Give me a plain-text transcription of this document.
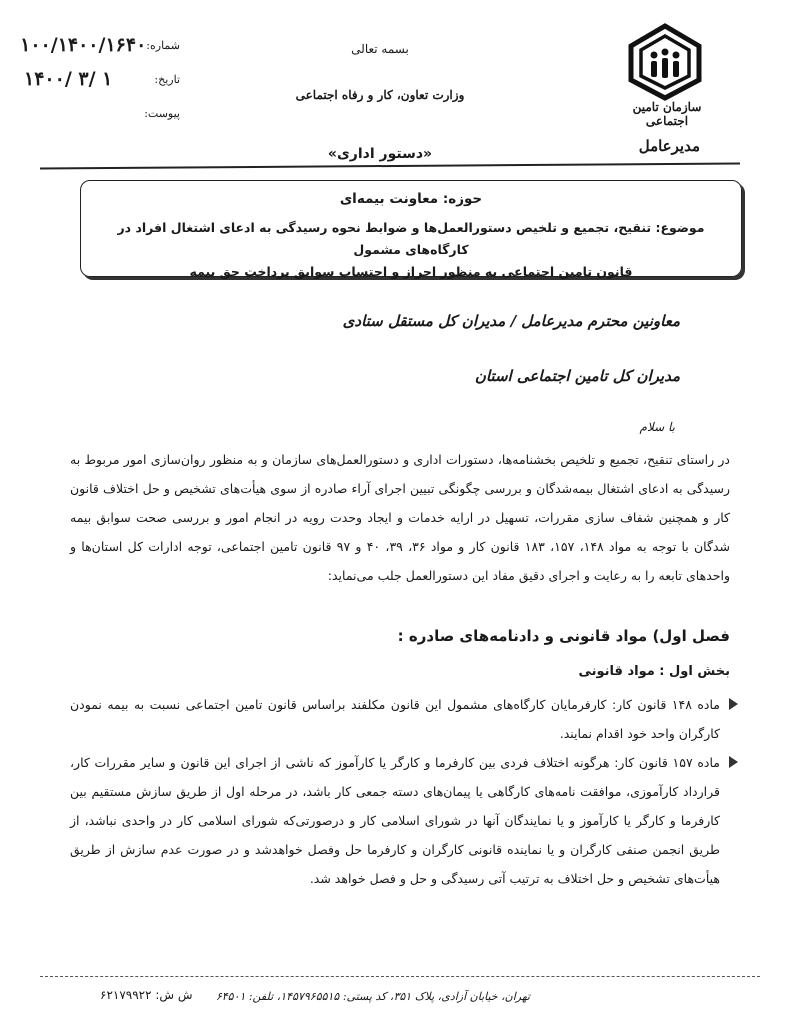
سازمان تامین اجتماعی
مدیرعامل
بسمه تعالی
وزارت تعاون، کار و رفاه اجتماعی
«دستور اداری»
شماره:
۱۰۰/۱۴۰۰/۱۶۴۰
تاریخ:
۱۴۰۰/ ۳/ ۱
پیوست:
حوزه: معاونت بیمه‌ای
موضوع: تنقیح، تجمیع و تلخیص دستورالعمل‌ها و ضوابط نحوه رسیدگی به ادعای اشتغال افراد در کارگاه‌های مشمول
قانون تامین اجتماعی به منظور احراز و احتساب سوابق پرداخت حق بیمه
معاونین محترم مدیرعامل / مدیران کل مستقل ستادی
مدیران کل تامین اجتماعی استان
با سلام
در راستای تنقیح، تجمیع و تلخیص بخشنامه‌ها، دستورات اداری و دستورالعمل‌های سازمان و به منظور روان‌سازی امور مربوط به رسیدگی به ادعای اشتغال بیمه‌شدگان و بررسی چگونگی تبیین اجرای آراء صادره از سوی هیأت‌های تشخیص و حل اختلاف قانون کار و همچنین شفاف سازی مقررات، تسهیل در ارایه خدمات و ایجاد وحدت رویه در انجام امور و بررسی صحت سوابق بیمه شدگان با توجه به مواد ۱۴۸، ۱۵۷، ۱۸۳ قانون کار و مواد ۳۶، ۳۹، ۴۰ و ۹۷ قانون تامین اجتماعی، توجه ادارات کل استان‌ها و واحدهای تابعه را به رعایت و اجرای دقیق مفاد این دستورالعمل جلب می‌نماید:
فصل اول) مواد قانونی و دادنامه‌های صادره :
بخش اول : مواد قانونی
ماده ۱۴۸ قانون کار: کارفرمایان کارگاه‌های مشمول این قانون مکلفند براساس قانون تامین اجتماعی نسبت به بیمه نمودن کارگران واحد خود اقدام نمایند.
ماده ۱۵۷ قانون کار: هرگونه اختلاف فردی بین کارفرما و کارگر یا کارآموز که ناشی از اجرای این قانون و سایر مقررات کار، قرارداد کارآموزی، موافقت نامه‌های کارگاهی یا پیمان‌های دسته جمعی کار باشد، در مرحله اول از طریق سازش مستقیم بین کارفرما و کارگر یا کارآموز و یا نمایندگان آنها در شورای اسلامی کار و درصورتی‌که شورای اسلامی کار در واحدی نباشد، از طریق انجمن صنفی کارگران و یا نماینده قانونی کارگران و کارفرما حل وفصل خواهدشد و در صورت عدم سازش از طریق هیأت‌های تشخیص و حل اختلاف به ترتیب آتی رسیدگی و حل و فصل خواهد شد.
تهران، خیابان آزادی، پلاک ۳۵۱، کد پستی: ۱۴۵۷۹۶۵۵۱۵، تلفن: ۶۴۵۰۱
ش ش: ۶۲۱۷۹۹۲۲
